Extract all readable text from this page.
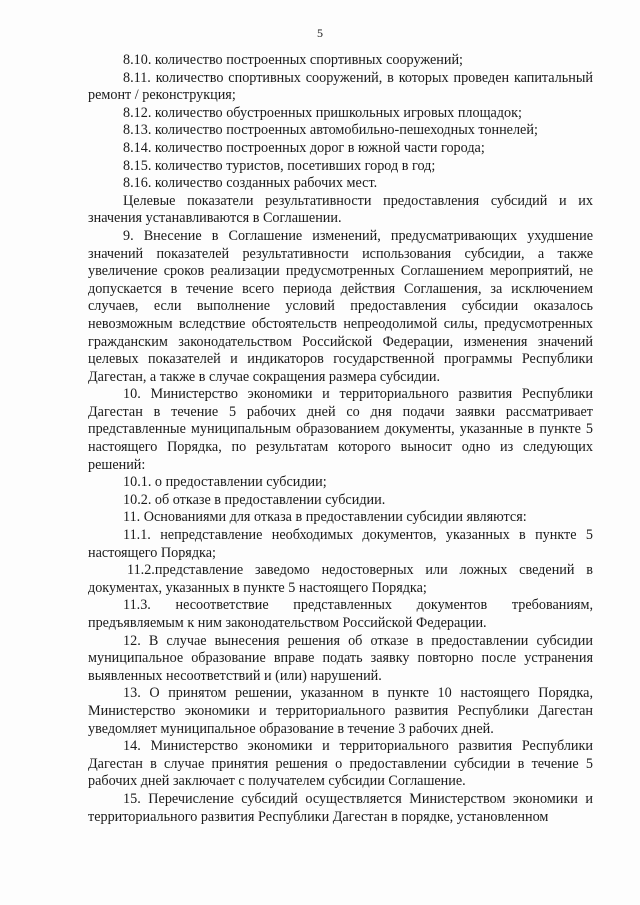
5

8.10. количество построенных спортивных сооружений;

8.11. количество спортивных сооружений, в которых проведен капитальный ремонт / реконструкция;

8.12. количество обустроенных пришкольных игровых площадок;

8.13. количество построенных автомобильно-пешеходных тоннелей;

8.14. количество построенных дорог в южной части города;

8.15. количество туристов, посетивших город в год;

8.16. количество созданных рабочих мест.

Целевые показатели результативности предоставления субсидий и их значения устанавливаются в Соглашении.

9. Внесение в Соглашение изменений, предусматривающих ухудшение значений показателей результативности использования субсидии, а также увеличение сроков реализации предусмотренных Соглашением мероприятий, не допускается в течение всего периода действия Соглашения, за исключением случаев, если выполнение условий предоставления субсидии оказалось невозможным вследствие обстоятельств непреодолимой силы, предусмотренных гражданским законодательством Российской Федерации, изменения значений целевых показателей и индикаторов государственной программы Республики Дагестан, а также в случае сокращения размера субсидии.

10. Министерство экономики и территориального развития Республики Дагестан в течение 5 рабочих дней со дня подачи заявки рассматривает представленные муниципальным образованием документы, указанные в пункте 5 настоящего Порядка, по результатам которого выносит одно из следующих решений:

10.1. о предоставлении субсидии;

10.2. об отказе в предоставлении субсидии.

11. Основаниями для отказа в предоставлении субсидии являются:

11.1. непредставление необходимых документов, указанных в пункте 5 настоящего Порядка;

11.2.представление заведомо недостоверных или ложных сведений в документах, указанных в пункте 5 настоящего Порядка;

11.3. несоответствие представленных документов требованиям, предъявляемым к ним законодательством Российской Федерации.

12. В случае вынесения решения об отказе в предоставлении субсидии муниципальное образование вправе подать заявку повторно после устранения выявленных несоответствий и (или) нарушений.

13. О принятом решении, указанном в пункте 10 настоящего Порядка, Министерство экономики и территориального развития Республики Дагестан уведомляет муниципальное образование в течение 3 рабочих дней.

14. Министерство экономики и территориального развития Республики Дагестан в случае принятия решения о предоставлении субсидии в течение 5 рабочих дней заключает с получателем субсидии Соглашение.

15. Перечисление субсидий осуществляется Министерством экономики и территориального развития Республики Дагестан в порядке, установленном
